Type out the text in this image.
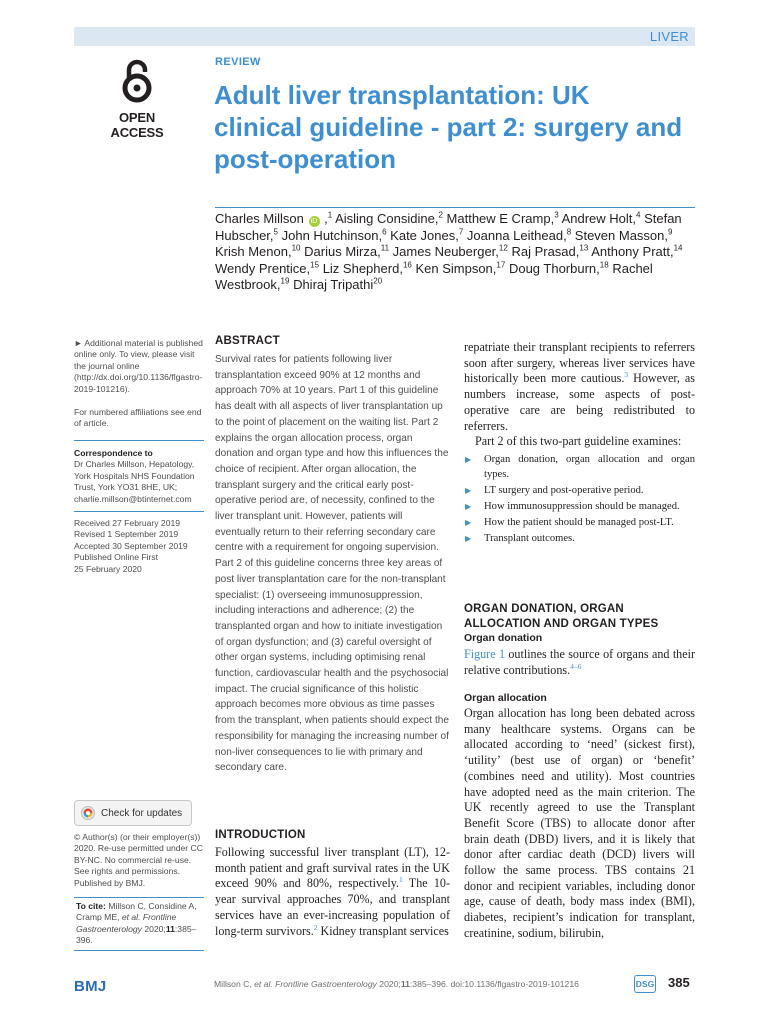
LIVER
OPEN ACCESS
REVIEW
Adult liver transplantation: UK clinical guideline - part 2: surgery and post-operation
Charles Millson iD ,$^1$ Aisling Considine,$^2$ Matthew E Cramp,$^3$ Andrew Holt,$^4$ Stefan Hubscher,$^5$ John Hutchinson,$^6$ Kate Jones,$^7$ Joanna Leithead,$^8$ Steven Masson,$^9$ Krish Menon,$^{10}$ Darius Mirza,$^{11}$ James Neuberger,$^{12}$ Raj Prasad,$^{13}$ Anthony Pratt,$^{14}$ Wendy Prentice,$^{15}$ Liz Shepherd,$^{16}$ Ken Simpson,$^{17}$ Doug Thorburn,$^{18}$ Rachel Westbrook,$^{19}$ Dhiraj Tripathi$^{20}$
► Additional material is published online only. To view, please visit the journal online (http://dx.doi.org/10.1136/flgastro-2019-101216).
For numbered affiliations see end of article.
Correspondence to
Dr Charles Millson, Hepatology, York Hospitals NHS Foundation Trust, York YO31 8HE, UK; charlie.millson@btinternet.com
Received 27 February 2019
Revised 1 September 2019
Accepted 30 September 2019
Published Online First
25 February 2020
Check for updates
© Author(s) (or their employer(s)) 2020. Re-use permitted under CC BY-NC. No commercial re-use. See rights and permissions. Published by BMJ.
To cite: Millson C, Considine A, Cramp ME, et al. Frontline Gastroenterology 2020;11:385–396.
ABSTRACT

Survival rates for patients following liver transplantation exceed 90% at 12 months and approach 70% at 10 years. Part 1 of this guideline has dealt with all aspects of liver transplantation up to the point of placement on the waiting list. Part 2 explains the organ allocation process, organ donation and organ type and how this influences the choice of recipient. After organ allocation, the transplant surgery and the critical early post-operative period are, of necessity, confined to the liver transplant unit. However, patients will eventually return to their referring secondary care centre with a requirement for ongoing supervision. Part 2 of this guideline concerns three key areas of post liver transplantation care for the non-transplant specialist: (1) overseeing immunosuppression, including interactions and adherence; (2) the transplanted organ and how to initiate investigation of organ dysfunction; and (3) careful oversight of other organ systems, including optimising renal function, cardiovascular health and the psychosocial impact. The crucial significance of this holistic approach becomes more obvious as time passes from the transplant, when patients should expect the responsibility for managing the increasing number of non-liver consequences to lie with primary and secondary care.

INTRODUCTION

Following successful liver transplant (LT), 12-month patient and graft survival rates in the UK exceed 90% and 80%, respectively.$^1$ The 10-year survival approaches 70%, and transplant services have an ever-increasing population of long-term survivors.$^2$ Kidney transplant services

repatriate their transplant recipients to referrers soon after surgery, whereas liver services have historically been more cautious.$^3$ However, as numbers increase, some aspects of post-operative care are being redistributed to referrers.

Part 2 of this two-part guideline examines:

▶ Organ donation, organ allocation and organ types.
▶ LT surgery and post-operative period.
▶ How immunosuppression should be managed.
▶ How the patient should be managed post-LT.
▶ Transplant outcomes.
ORGAN DONATION, ORGAN ALLOCATION AND ORGAN TYPES
Organ donation

Figure 1 outlines the source of organs and their relative contributions.$^{4-6}$

Organ allocation

Organ allocation has long been debated across many healthcare systems. Organs can be allocated according to ‘need’ (sickest first), ‘utility’ (best use of organ) or ‘benefit’ (combines need and utility). Most countries have adopted need as the main criterion. The UK recently agreed to use the Transplant Benefit Score (TBS) to allocate donor after brain death (DBD) livers, and it is likely that donor after cardiac death (DCD) livers will follow the same process. TBS contains 21 donor and recipient variables, including donor age, cause of death, body mass index (BMI), diabetes, recipient’s indication for transplant, creatinine, sodium, bilirubin,

BMJ	Millson C, et al. Frontline Gastroenterology 2020;11:385–396. doi:10.1136/flgastro-2019-101216	DSG 385
